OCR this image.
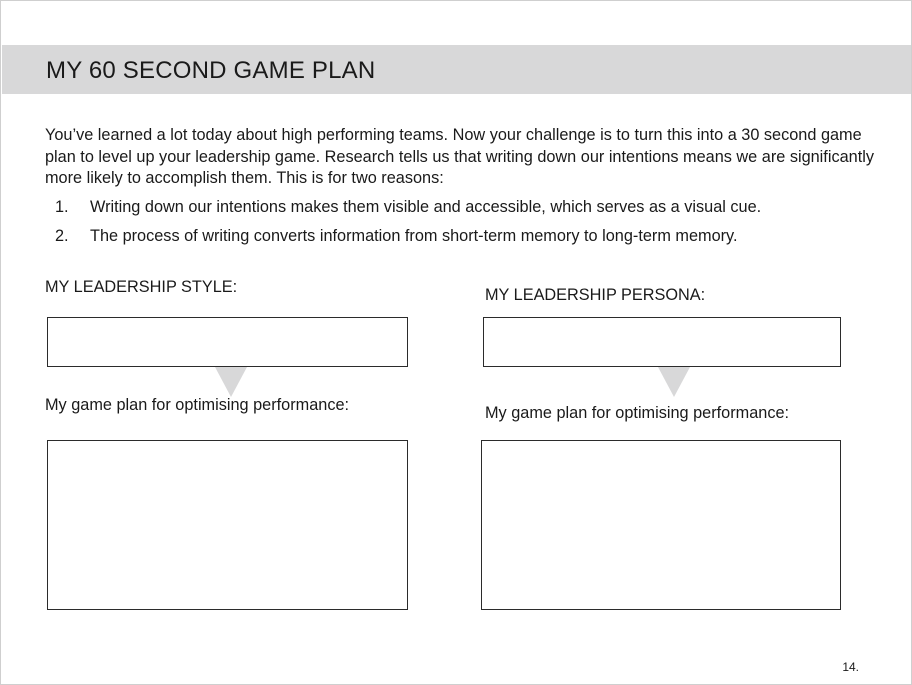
MY 60 SECOND GAME PLAN

You’ve learned a lot today about high performing teams. Now your challenge is to turn this into a 30 second game plan to level up your leadership game. Research tells us that writing down our intentions means we are significantly more likely to accomplish them. This is for two reasons:

1. Writing down our intentions makes them visible and accessible, which serves as a visual cue.
2. The process of writing converts information from short-term memory to long-term memory.
MY LEADERSHIP STYLE:

My game plan for optimising performance:

MY LEADERSHIP PERSONA:

My game plan for optimising performance:

14.
